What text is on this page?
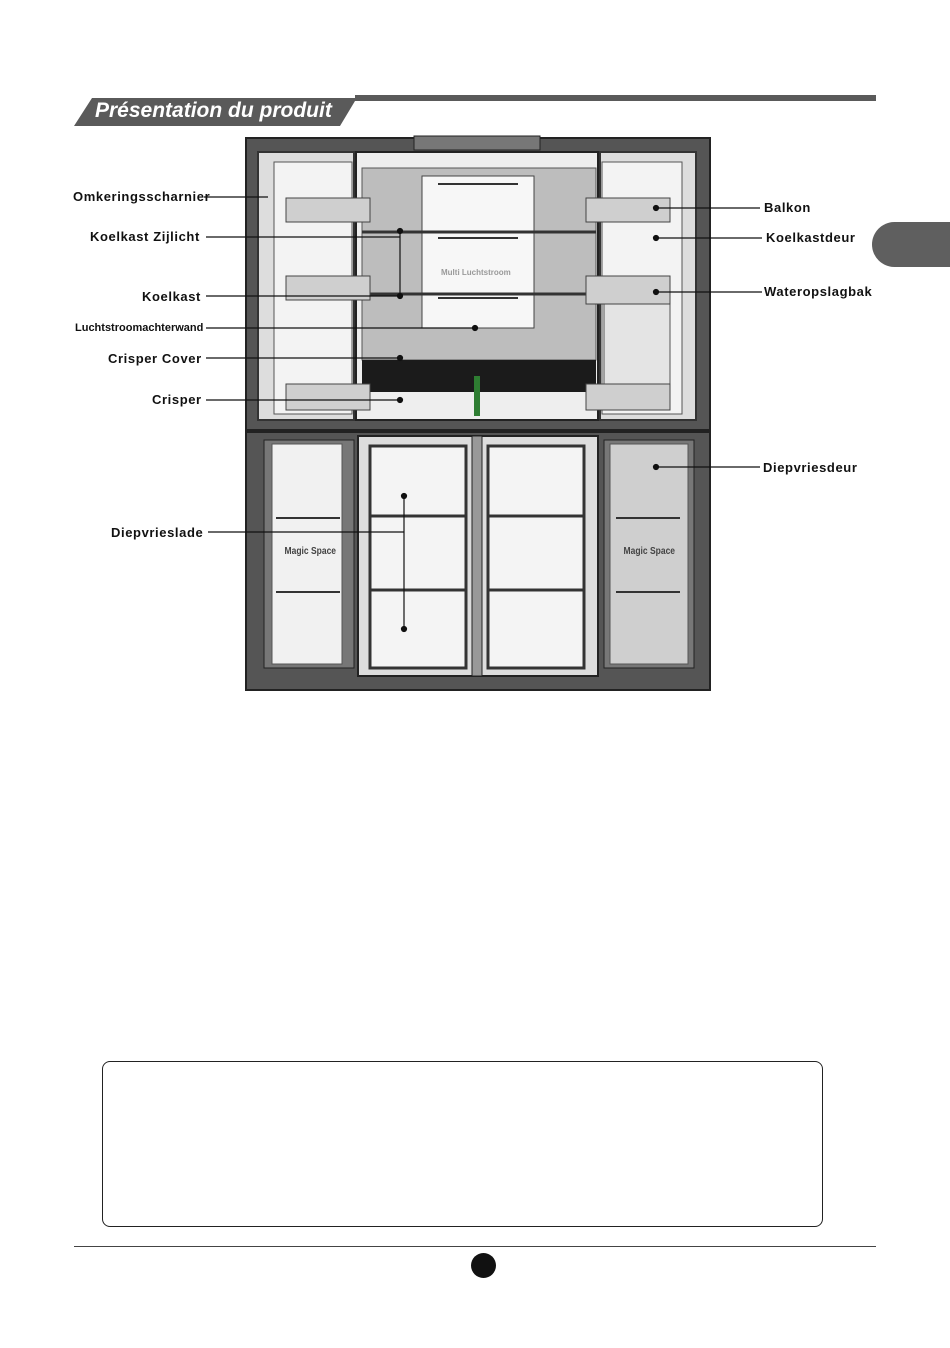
Présentation du produit
Multi Luchtstroom
Magic Space	Magic Space
Omkeringsscharnier
Koelkast Zijlicht
Koelkast
Luchtstroomachterwand
Crisper Cover
Crisper
Diepvrieslade
Balkon
Koelkastdeur
Wateropslagbak
Diepvriesdeur
